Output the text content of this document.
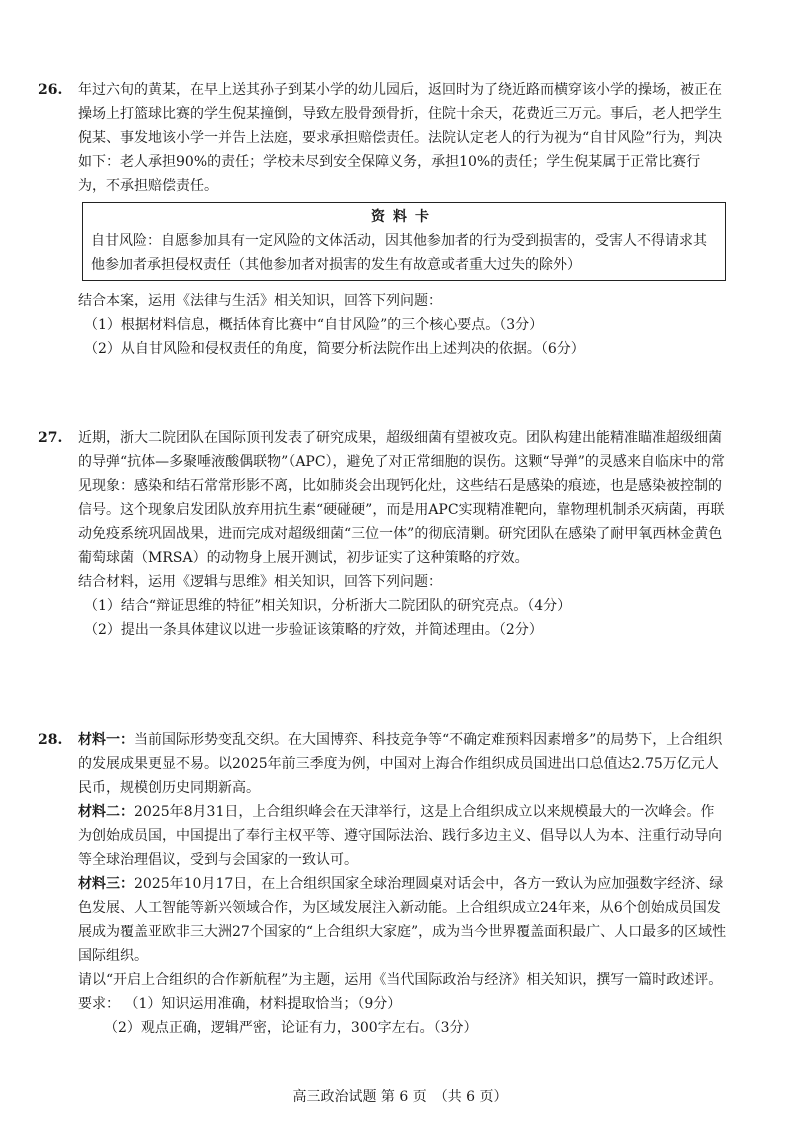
26. 年过六旬的黄某，在早上送其孙子到某小学的幼儿园后，返回时为了绕近路而横穿该小学的操场，被正在操场上打篮球比赛的学生倪某撞倒，导致左股骨颈骨折，住院十余天，花费近三万元。事后，老人把学生倪某、事发地该小学一并告上法庭，要求承担赔偿责任。法院认定老人的行为视为“自甘风险”行为，判决如下：老人承担90%的责任；学校未尽到安全保障义务，承担10%的责任；学生倪某属于正常比赛行为，不承担赔偿责任。

资料卡
自甘风险：自愿参加具有一定风险的文体活动，因其他参加者的行为受到损害的，受害人不得请求其他参加者承担侵权责任（其他参加者对损害的发生有故意或者重大过失的除外）

结合本案，运用《法律与生活》相关知识，回答下列问题：

（1）根据材料信息，概括体育比赛中“自甘风险”的三个核心要点。（3分）

（2）从自甘风险和侵权责任的角度，简要分析法院作出上述判决的依据。（6分）

27. 近期，浙大二院团队在国际顶刊发表了研究成果，超级细菌有望被攻克。团队构建出能精准瞄准超级细菌的导弹“抗体—多聚唾液酸偶联物”（APC），避免了对正常细胞的误伤。这颗“导弹”的灵感来自临床中的常见现象：感染和结石常常形影不离，比如肺炎会出现钙化灶，这些结石是感染的痕迹，也是感染被控制的信号。这个现象启发团队放弃用抗生素“硬碰硬”，而是用APC实现精准靶向，靠物理机制杀灭病菌，再联动免疫系统巩固战果，进而完成对超级细菌“三位一体”的彻底清剿。研究团队在感染了耐甲氧西林金黄色葡萄球菌（MRSA）的动物身上展开测试，初步证实了这种策略的疗效。

结合材料，运用《逻辑与思维》相关知识，回答下列问题：

（1）结合“辩证思维的特征”相关知识，分析浙大二院团队的研究亮点。（4分）

（2）提出一条具体建议以进一步验证该策略的疗效，并简述理由。（2分）

28. 材料一：当前国际形势变乱交织。在大国博弈、科技竞争等“不确定难预料因素增多”的局势下，上合组织的发展成果更显不易。以2025年前三季度为例，中国对上海合作组织成员国进出口总值达2.75万亿元人民币，规模创历史同期新高。

材料二：2025年8月31日，上合组织峰会在天津举行，这是上合组织成立以来规模最大的一次峰会。作为创始成员国，中国提出了奉行主权平等、遵守国际法治、践行多边主义、倡导以人为本、注重行动导向等全球治理倡议，受到与会国家的一致认可。

材料三：2025年10月17日，在上合组织国家全球治理圆桌对话会中，各方一致认为应加强数字经济、绿色发展、人工智能等新兴领域合作，为区域发展注入新动能。上合组织成立24年来，从6个创始成员国发展成为覆盖亚欧非三大洲27个国家的“上合组织大家庭”，成为当今世界覆盖面积最广、人口最多的区域性国际组织。

请以“开启上合组织的合作新航程”为主题，运用《当代国际政治与经济》相关知识，撰写一篇时政述评。

要求： （1）知识运用准确，材料提取恰当；（9分）

（2）观点正确，逻辑严密，论证有力，300字左右。（3分）

高三政治试题 第 6 页　（共 6 页）
